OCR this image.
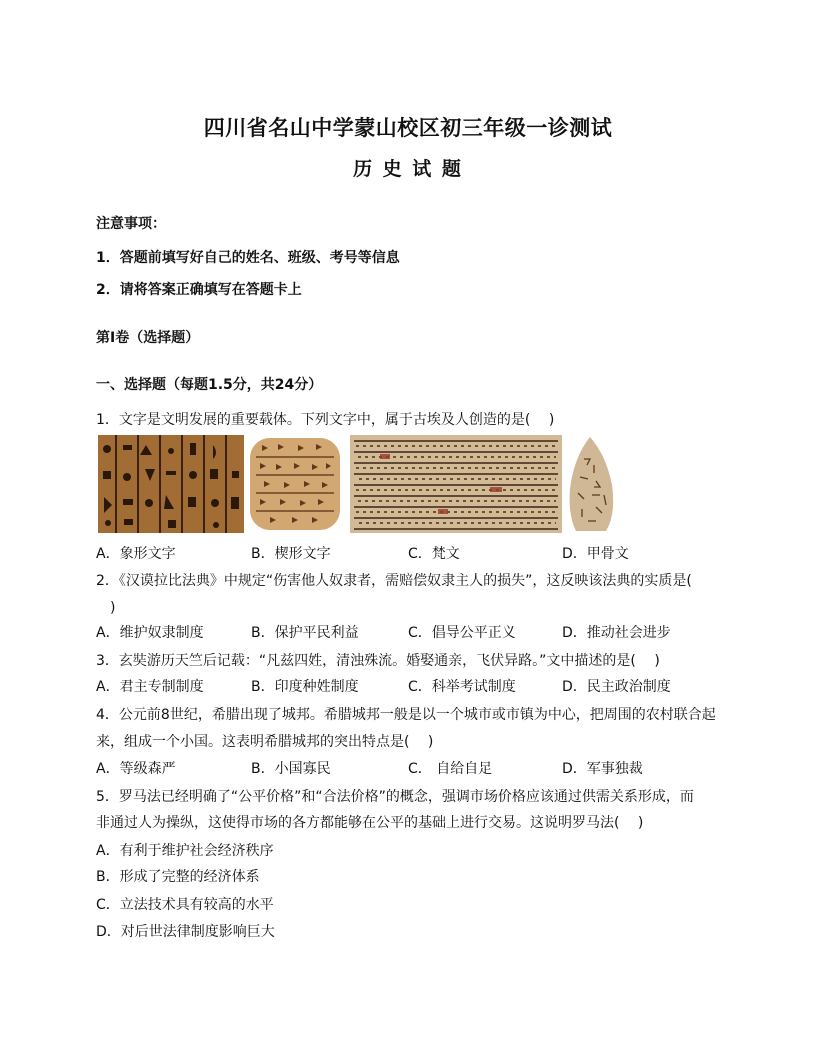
四川省名山中学蒙山校区初三年级一诊测试
历 史 试 题
注意事项：
1．答题前填写好自己的姓名、班级、考号等信息
2．请将答案正确填写在答题卡上
第Ⅰ卷（选择题）
一、选择题（每题1.5分，共24分）
1．文字是文明发展的重要载体。下列文字中，属于古埃及人创造的是(　 )
A．象形文字	B．楔形文字	C．梵文	D．甲骨文
2．《汉谟拉比法典》中规定“伤害他人奴隶者，需赔偿奴隶主人的损失”，这反映该法典的实质是(
　)
A．维护奴隶制度	B．保护平民利益	C．倡导公平正义	D．推动社会进步
3．玄奘游历天竺后记载：“凡兹四姓，清浊殊流。婚娶通亲，飞伏异路。”文中描述的是(　 )
A．君主专制制度	B．印度种姓制度	C．科举考试制度	D．民主政治制度
4．公元前8世纪，希腊出现了城邦。希腊城邦一般是以一个城市或市镇为中心，把周围的农村联合起
来，组成一个小国。这表明希腊城邦的突出特点是(　 )
A．等级森严	B．小国寡民	C． 自给自足	D．军事独裁
5．罗马法已经明确了“公平价格”和“合法价格”的概念，强调市场价格应该通过供需关系形成，而
非通过人为操纵，这使得市场的各方都能够在公平的基础上进行交易。这说明罗马法(　 )
A．有利于维护社会经济秩序
B．形成了完整的经济体系
C．立法技术具有较高的水平
D．对后世法律制度影响巨大
